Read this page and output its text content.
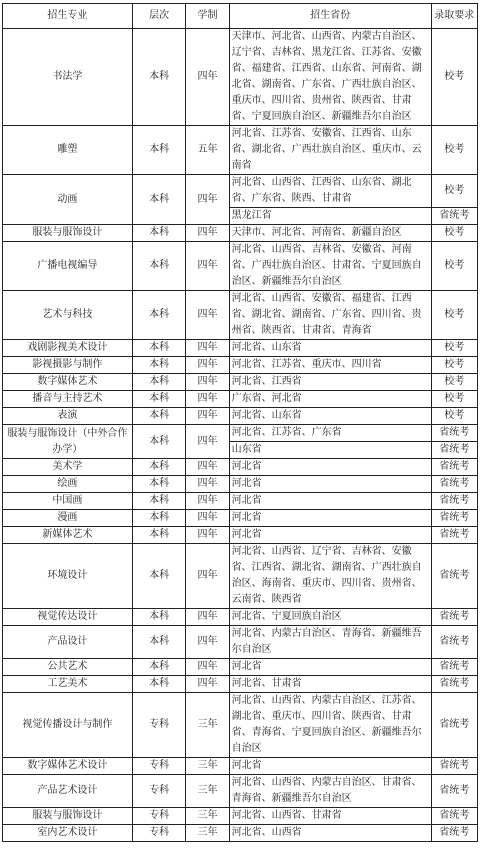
招生专业	层次	学制	招生省份	录取要求
书法学	本科	四年	天津市、河北省、山西省、内蒙古自治区、辽宁省、吉林省、黑龙江省、江苏省、安徽省、福建省、江西省、山东省、河南省、湖北省、湖南省、广东省、广西壮族自治区、重庆市、四川省、贵州省、陕西省、甘肃省、宁夏回族自治区、新疆维吾尔自治区	校考
雕塑	本科	五年	河北省、江苏省、安徽省、江西省、山东省、湖北省、广西壮族自治区、重庆市、云南省	校考
动画	本科	四年	河北省、山西省、江西省、山东省、湖北省、广东省、陕西、甘肃省	校考
			黑龙江省	省统考
服装与服饰设计	本科	四年	天津市、河北省、河南省、新疆自治区	校考
广播电视编导	本科	四年	河北省、山西省、吉林省、安徽省、河南省、广西壮族自治区、甘肃省、宁夏回族自治区、新疆维吾尔自治区	校考
艺术与科技	本科	四年	河北省、山西省、安徽省、福建省、江西省、湖北省、湖南省、广东省、四川省、贵州省、陕西省、甘肃省、青海省	校考
戏剧影视美术设计	本科	四年	河北省、山东省	校考
影视摄影与制作	本科	四年	河北省、江苏省、重庆市、四川省	校考
数字媒体艺术	本科	四年	河北省、江西省	校考
播音与主持艺术	本科	四年	广东省、河北省	校考
表演	本科	四年	河北省、山东省	校考
服装与服饰设计（中外合作办学）	本科	四年	河北省、江苏省、广东省	省统考
			山东省	省统考
美术学	本科	四年	河北省	省统考
绘画	本科	四年	河北省	省统考
中国画	本科	四年	河北省	省统考
漫画	本科	四年	河北省	省统考
新媒体艺术	本科	四年	河北省	省统考
环境设计	本科	四年	河北省、山西省、辽宁省、吉林省、安徽省、江西省、湖北省、湖南省、广西壮族自治区、海南省、重庆市、四川省、贵州省、云南省、陕西省	省统考
视觉传达设计	本科	四年	河北省、宁夏回族自治区	省统考
产品设计	本科	四年	河北省、内蒙古自治区、青海省、新疆维吾尔自治区	省统考
公共艺术	本科	四年	河北省	省统考
工艺美术	本科	四年	河北省、甘肃省	省统考
视觉传播设计与制作	专科	三年	河北省、山西省、内蒙古自治区、江苏省、湖北省、重庆市、四川省、陕西省、甘肃省、青海省、宁夏回族自治区、新疆维吾尔自治区	省统考
数字媒体艺术设计	专科	三年	河北省	省统考
产品艺术设计	专科	三年	河北省、山西省、内蒙古自治区、甘肃省、青海省、新疆维吾尔自治区	省统考
服装与服饰设计	专科	三年	河北省、山西省、甘肃省	省统考
室内艺术设计	专科	三年	河北省、山西省	省统考
